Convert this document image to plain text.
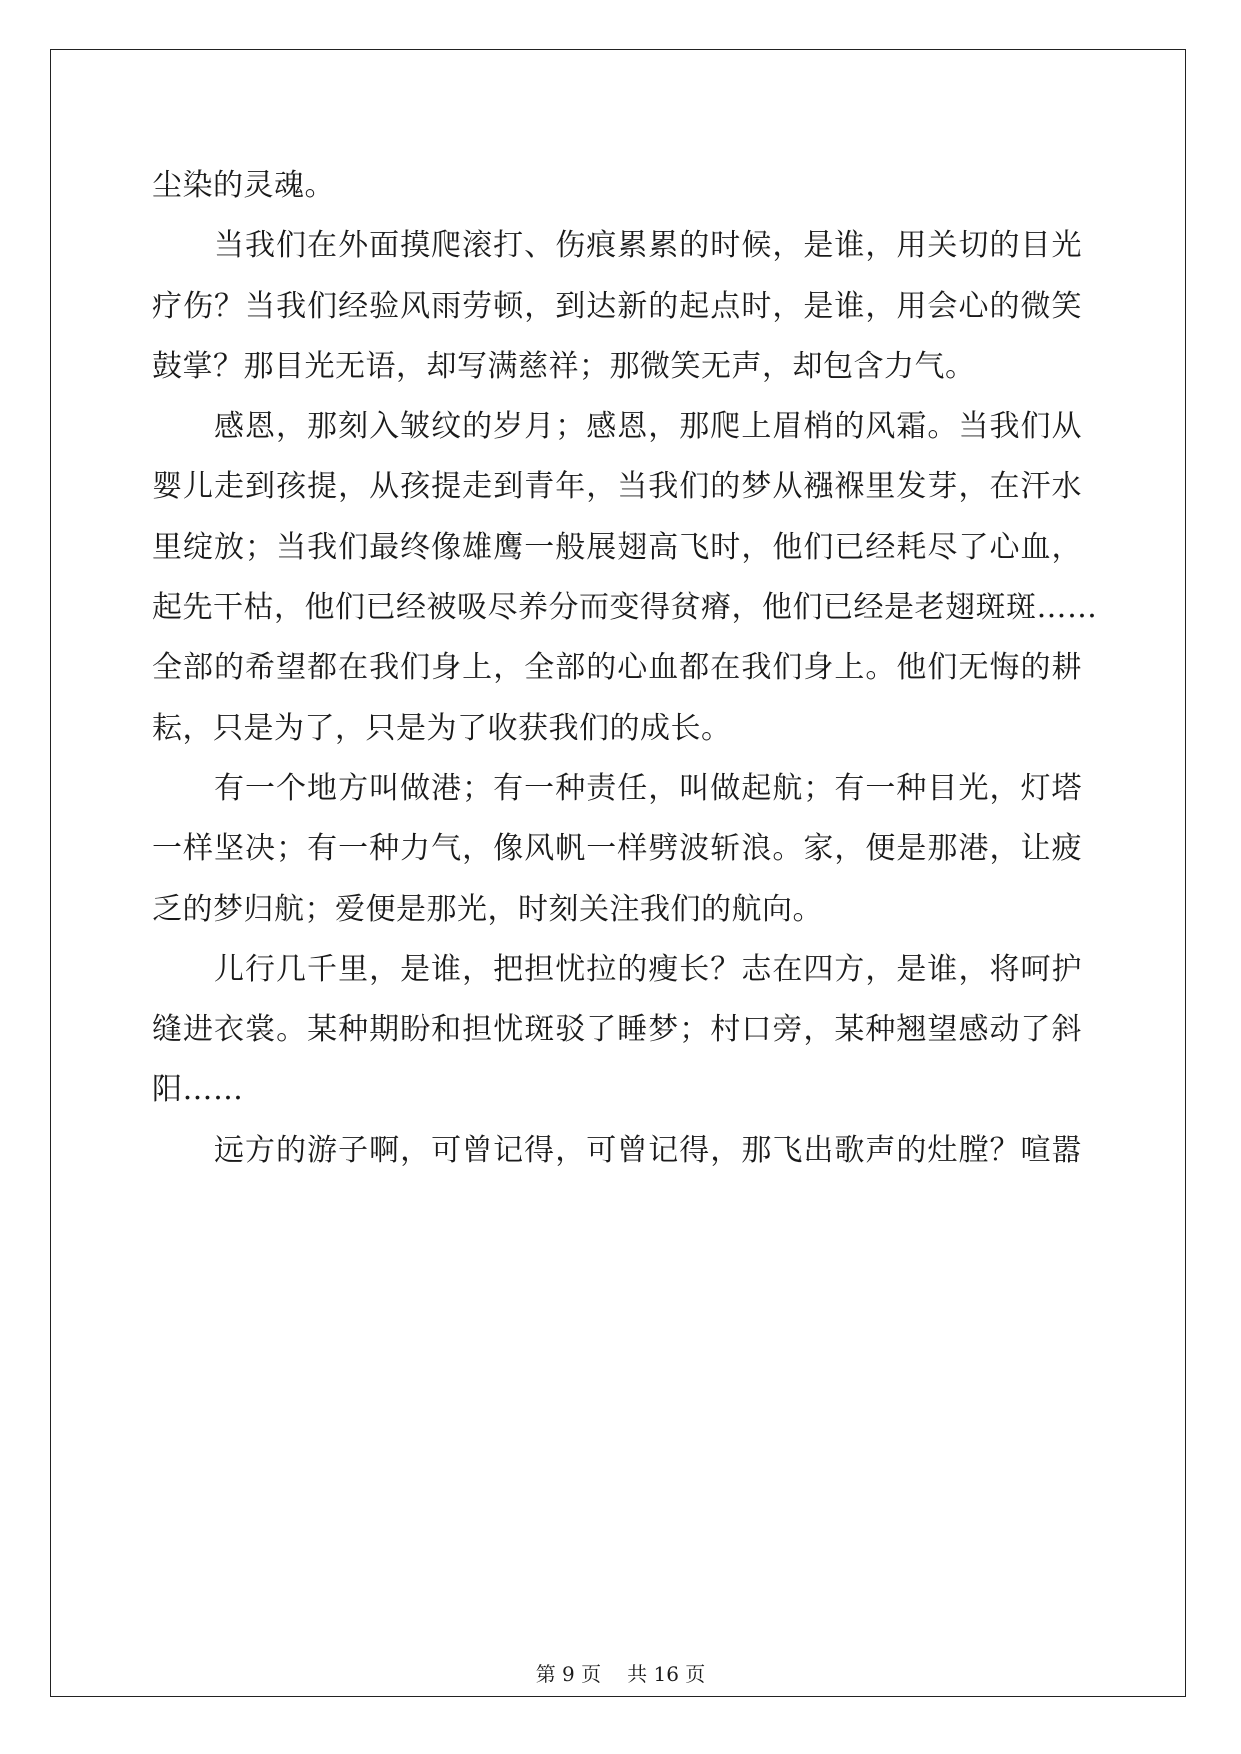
尘染的灵魂。
当我们在外面摸爬滚打、伤痕累累的时候，是谁，用关切的目光
疗伤？当我们经验风雨劳顿，到达新的起点时，是谁，用会心的微笑
鼓掌？那目光无语，却写满慈祥；那微笑无声，却包含力气。
感恩，那刻入皱纹的岁月；感恩，那爬上眉梢的风霜。当我们从
婴儿走到孩提，从孩提走到青年，当我们的梦从襁褓里发芽，在汗水
里绽放；当我们最终像雄鹰一般展翅高飞时，他们已经耗尽了心血，
起先干枯，他们已经被吸尽养分而变得贫瘠，他们已经是老翅斑斑……
全部的希望都在我们身上，全部的心血都在我们身上。他们无悔的耕
耘，只是为了，只是为了收获我们的成长。
有一个地方叫做港；有一种责任，叫做起航；有一种目光，灯塔
一样坚决；有一种力气，像风帆一样劈波斩浪。家，便是那港，让疲
乏的梦归航；爱便是那光，时刻关注我们的航向。
儿行几千里，是谁，把担忧拉的瘦长？志在四方，是谁，将呵护
缝进衣裳。某种期盼和担忧斑驳了睡梦；村口旁，某种翘望感动了斜
阳……
远方的游子啊，可曾记得，可曾记得，那飞出歌声的灶膛？喧嚣
第 9 页 共 16 页
